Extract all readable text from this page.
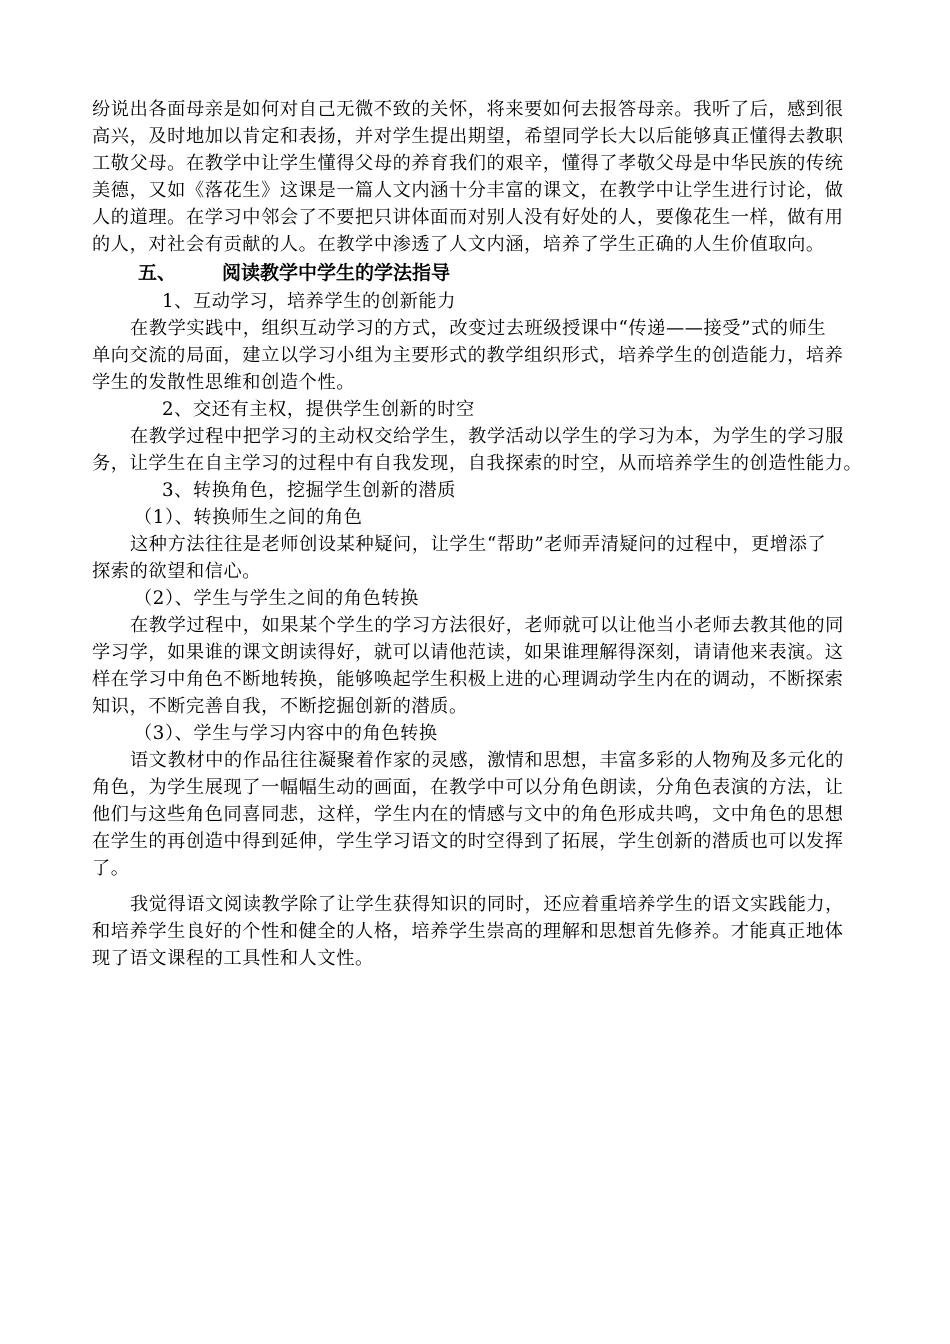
纷说出各面母亲是如何对自己无微不致的关怀，将来要如何去报答母亲。我听了后，感到很
高兴，及时地加以肯定和表扬，并对学生提出期望，希望同学长大以后能够真正懂得去教职
工敬父母。在教学中让学生懂得父母的养育我们的艰辛，懂得了孝敬父母是中华民族的传统
美德，又如《落花生》这课是一篇人文内涵十分丰富的课文，在教学中让学生进行讨论，做
人的道理。在学习中邻会了不要把只讲体面而对别人没有好处的人，要像花生一样，做有用
的人，对社会有贡献的人。在教学中渗透了人文内涵，培养了学生正确的人生价值取向。
五、 阅读教学中学生的学法指导
1、互动学习，培养学生的创新能力
在教学实践中，组织互动学习的方式，改变过去班级授课中“传递——接受”式的师生
单向交流的局面，建立以学习小组为主要形式的教学组织形式，培养学生的创造能力，培养
学生的发散性思维和创造个性。
2、交还有主权，提供学生创新的时空
在教学过程中把学习的主动权交给学生，教学活动以学生的学习为本，为学生的学习服
务，让学生在自主学习的过程中有自我发现，自我探索的时空，从而培养学生的创造性能力。
3、转换角色，挖掘学生创新的潜质
（1）、转换师生之间的角色
这种方法往往是老师创设某种疑问，让学生“帮助”老师弄清疑问的过程中，更增添了
探索的欲望和信心。
（2）、学生与学生之间的角色转换
在教学过程中，如果某个学生的学习方法很好，老师就可以让他当小老师去教其他的同
学习学，如果谁的课文朗读得好，就可以请他范读，如果谁理解得深刻，请请他来表演。这
样在学习中角色不断地转换，能够唤起学生积极上进的心理调动学生内在的调动，不断探索
知识，不断完善自我，不断挖掘创新的潜质。
（3）、学生与学习内容中的角色转换
语文教材中的作品往往凝聚着作家的灵感，激情和思想，丰富多彩的人物殉及多元化的
角色，为学生展现了一幅幅生动的画面，在教学中可以分角色朗读，分角色表演的方法，让
他们与这些角色同喜同悲，这样，学生内在的情感与文中的角色形成共鸣，文中角色的思想
在学生的再创造中得到延伸，学生学习语文的时空得到了拓展，学生创新的潜质也可以发挥
了。
我觉得语文阅读教学除了让学生获得知识的同时，还应着重培养学生的语文实践能力，
和培养学生良好的个性和健全的人格，培养学生崇高的理解和思想首先修养。才能真正地体
现了语文课程的工具性和人文性。
